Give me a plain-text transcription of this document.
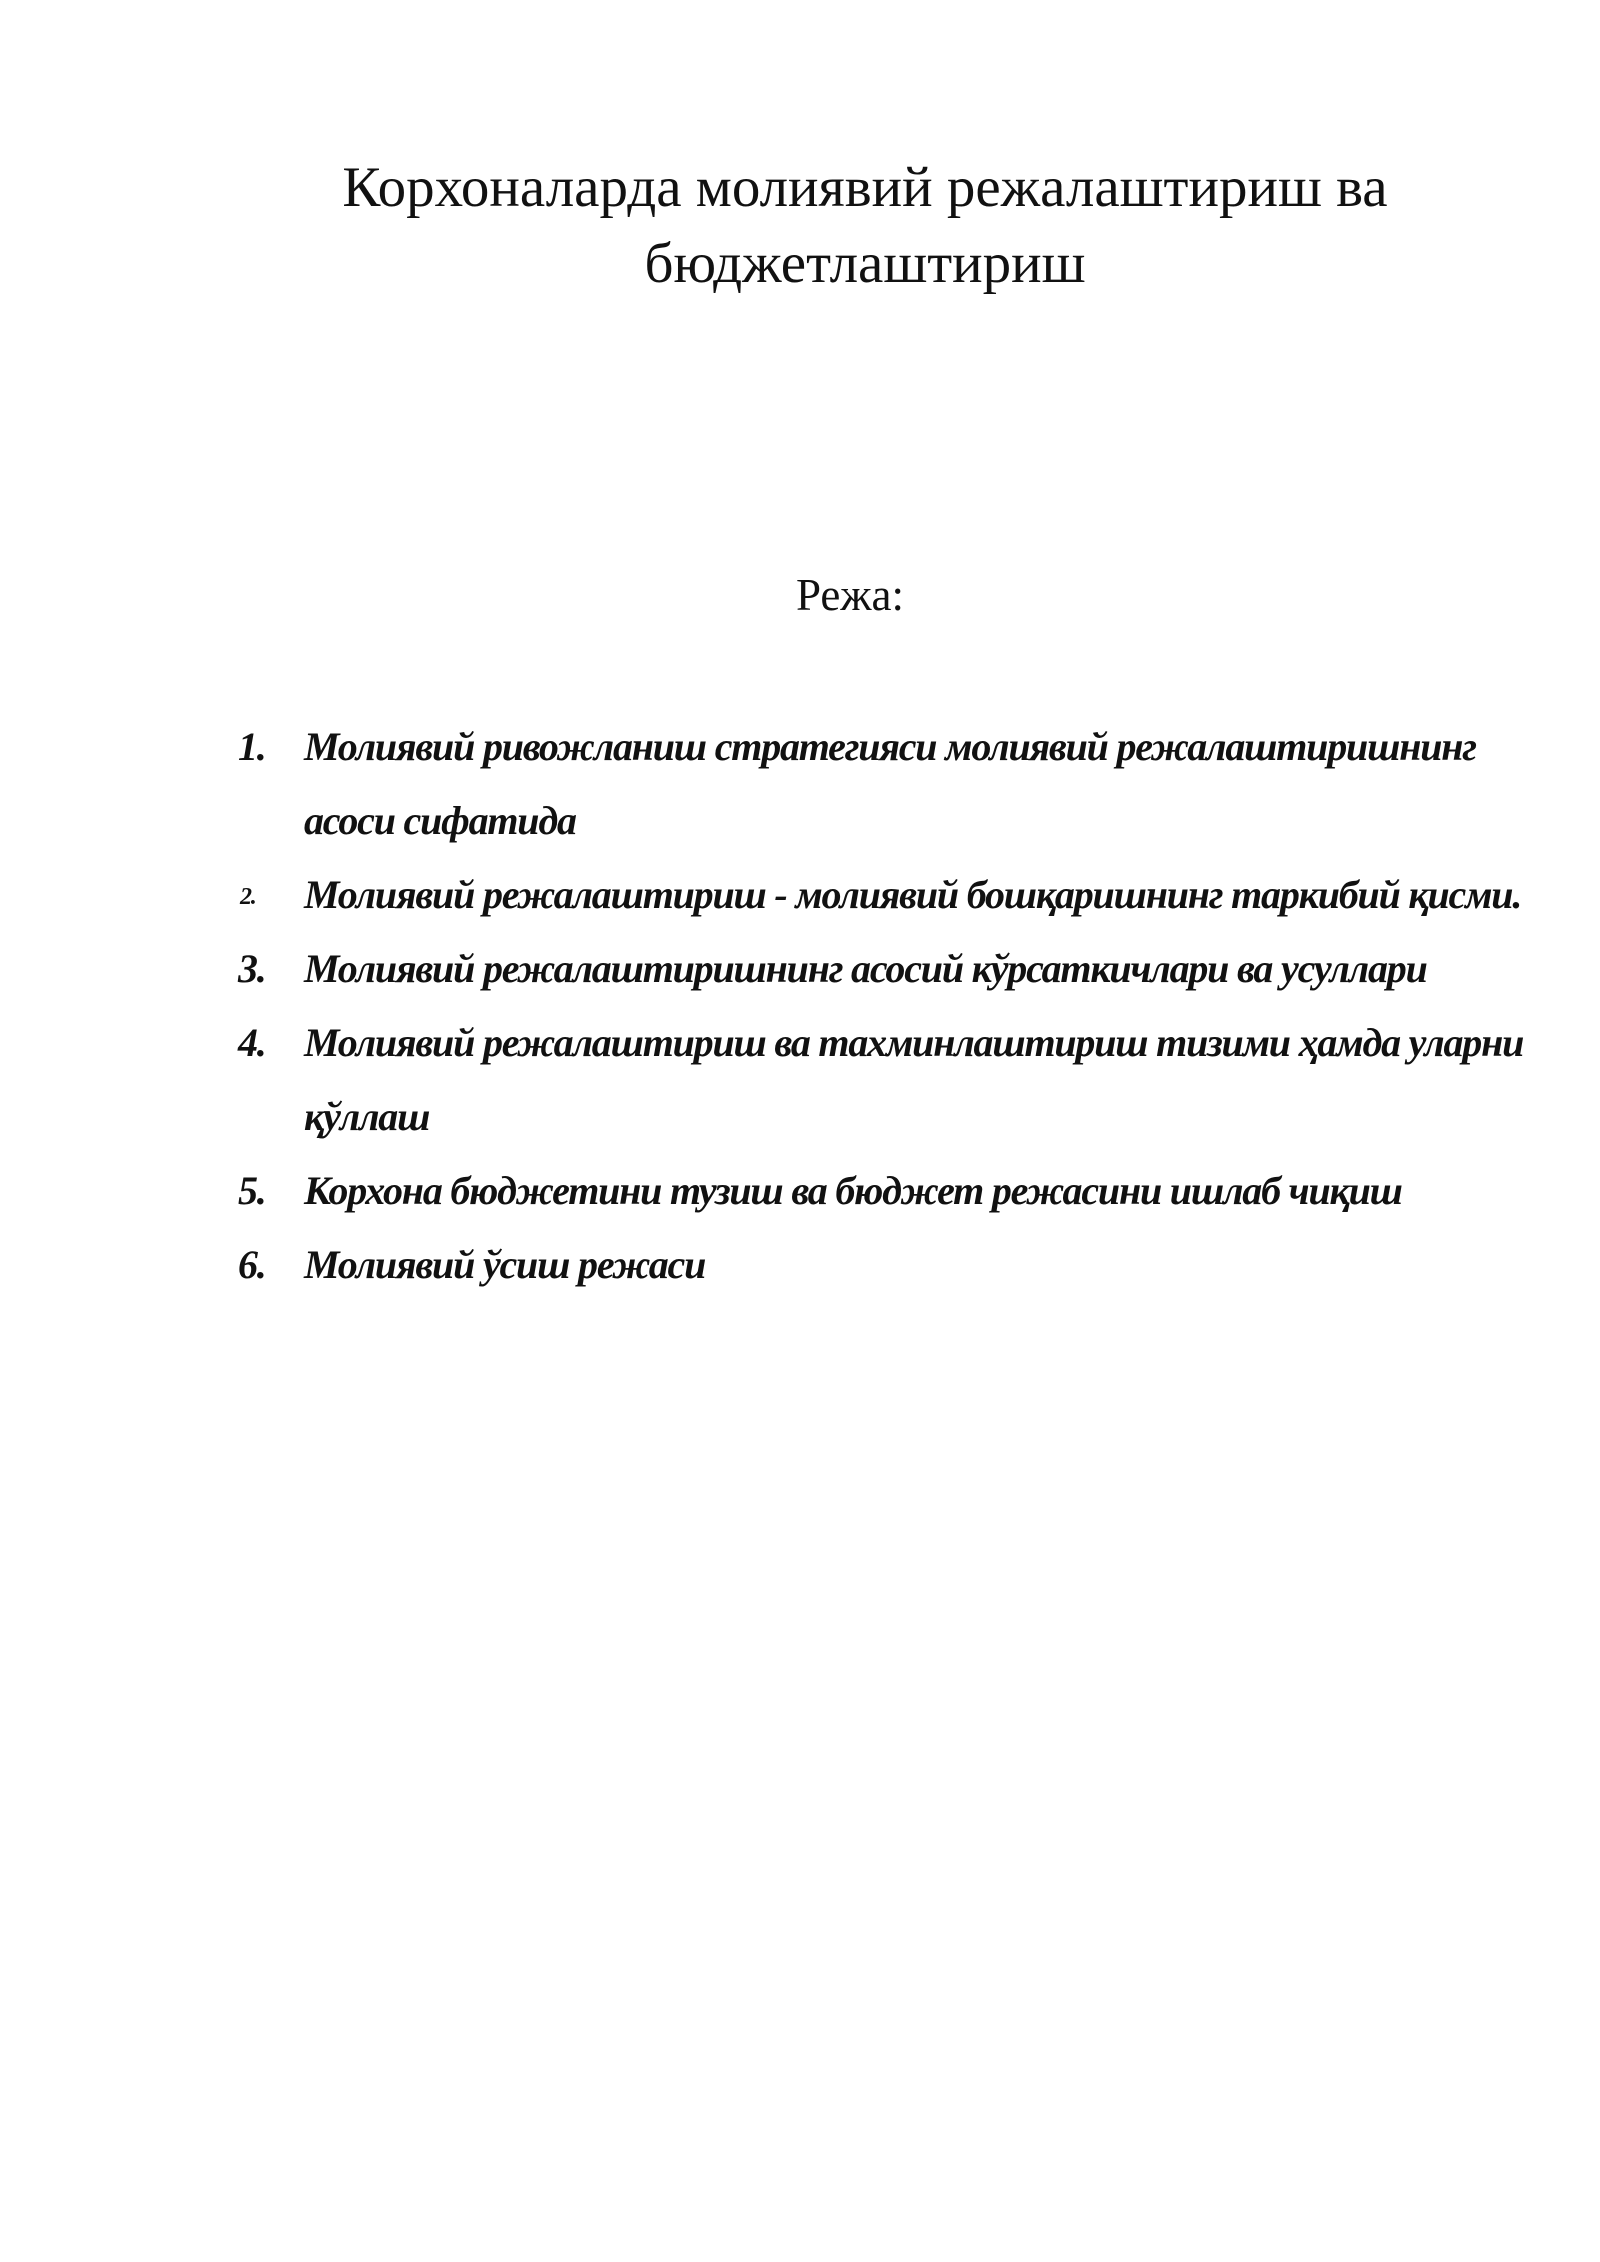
Корхоналарда молиявий режалаштириш ва
бюджетлаштириш
Режа:
1. Молиявий ривожланиш стратегияси молиявий режалаштиришнинг асоси сифатида
2. Молиявий режалаштириш - молиявий бошқаришнинг таркибий қисми.
3. Молиявий режалаштиришнинг асосий кўрсаткичлари ва усуллари
4. Молиявий режалаштириш ва тахминлаштириш тизими ҳамда уларни қўллаш
5. Корхона бюджетини тузиш ва бюджет режасини ишлаб чиқиш
6. Молиявий ўсиш режаси
